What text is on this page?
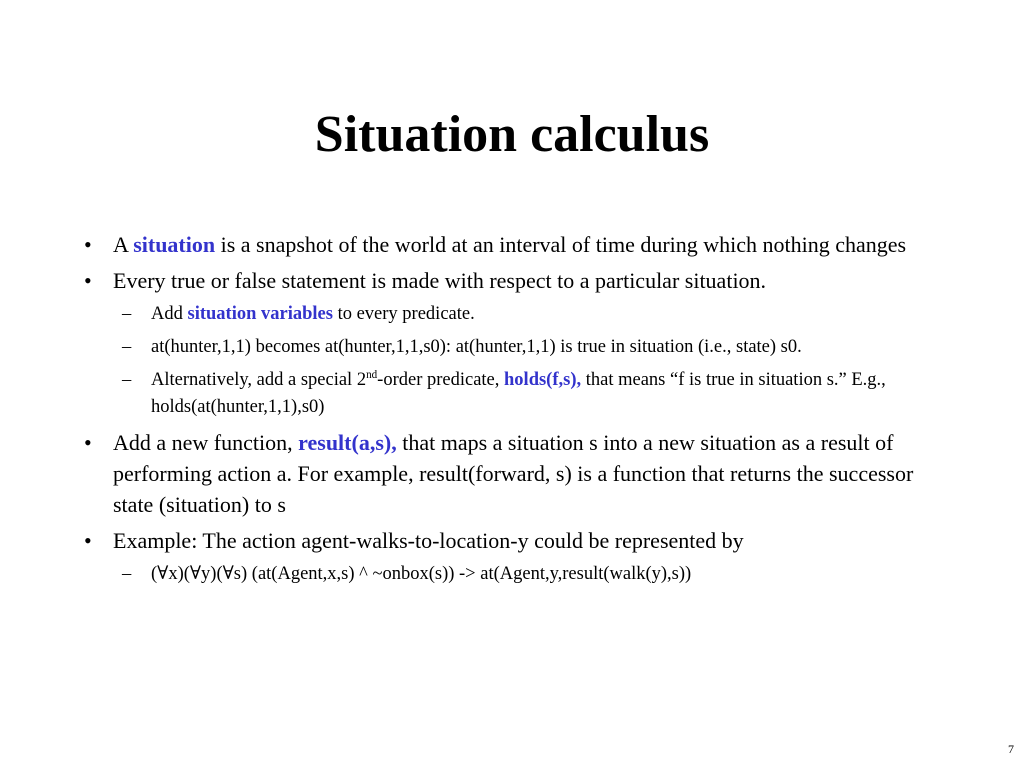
Situation calculus
• A situation is a snapshot of the world at an interval of time during which nothing changes
• Every true or false statement is made with respect to a particular situation.
– Add situation variables to every predicate.
– at(hunter,1,1) becomes at(hunter,1,1,s0): at(hunter,1,1) is true in situation (i.e., state) s0.
– Alternatively, add a special 2nd-order predicate, holds(f,s), that means “f is true in situation s.” E.g., holds(at(hunter,1,1),s0)
• Add a new function, result(a,s), that maps a situation s into a new situation as a result of performing action a. For example, result(forward, s) is a function that returns the successor state (situation) to s
• Example: The action agent-walks-to-location-y could be represented by
– (∀x)(∀y)(∀s) (at(Agent,x,s) ^ ~onbox(s)) -> at(Agent,y,result(walk(y),s))
7
